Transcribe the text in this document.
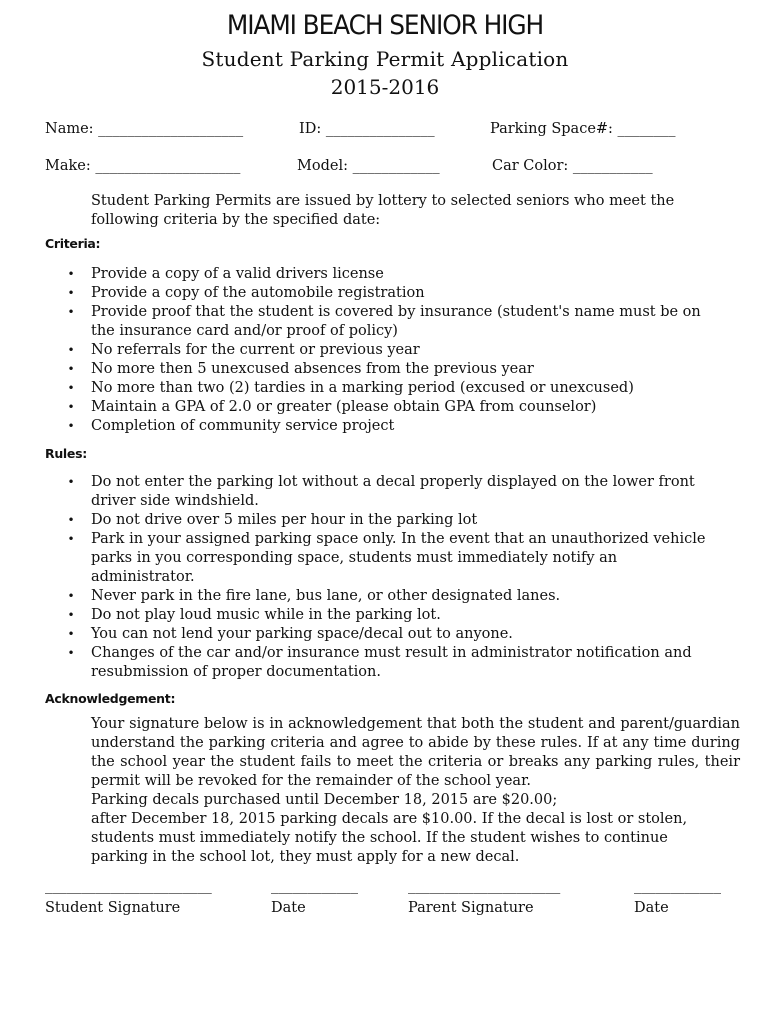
MIAMI BEACH SENIOR HIGH
Student Parking Permit Application
2015-2016
Name: ____________________	ID: _______________	Parking Space#: ________
Make: ____________________	Model: ____________	Car Color: ___________

Student Parking Permits are issued by lottery to selected seniors who meet the following criteria by the specified date:

Criteria:
• Provide a copy of a valid drivers license
• Provide a copy of the automobile registration
• Provide proof that the student is covered by insurance (student's name must be on the insurance card and/or proof of policy)
• No referrals for the current or previous year
• No more then 5 unexcused absences from the previous year
• No more than two (2) tardies in a marking period (excused or unexcused)
• Maintain a GPA of 2.0 or greater (please obtain GPA from counselor)
• Completion of community service project
Rules:
• Do not enter the parking lot without a decal properly displayed on the lower front driver side windshield.
• Do not drive over 5 miles per hour in the parking lot
• Park in your assigned parking space only. In the event that an unauthorized vehicle parks in you corresponding space, students must immediately notify an administrator.
• Never park in the fire lane, bus lane, or other designated lanes.
• Do not play loud music while in the parking lot.
• You can not lend your parking space/decal out to anyone.
• Changes of the car and/or insurance must result in administrator notification and resubmission of proper documentation.
Acknowledgement:

Your signature below is in acknowledgement that both the student and parent/guardian understand the parking criteria and agree to abide by these rules. If at any time during the school year the student fails to meet the criteria or breaks any parking rules, their permit will be revoked for the remainder of the school year.

Parking decals purchased until December 18, 2015 are $20.00;
after December 18, 2015 parking decals are $10.00. If the decal is lost or stolen,
students must immediately notify the school. If the student wishes to continue
parking in the school lot, they must apply for a new decal.
_______________________
Student Signature
____________
Date
_____________________
Parent Signature
____________
Date
